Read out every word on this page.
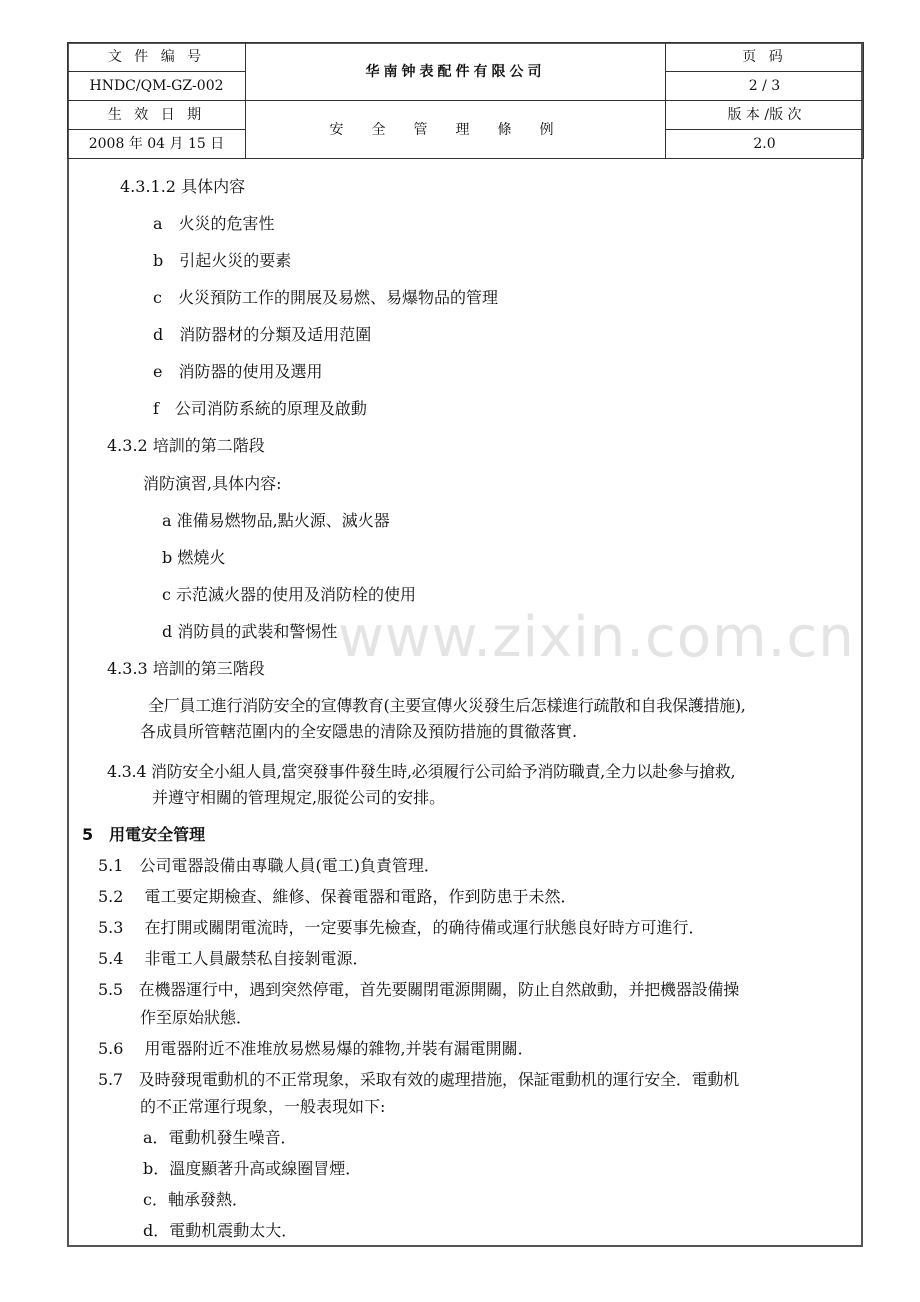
文 件 编 号	华南钟表配件有限公司	页 码
HNDC/QM-GZ-002		2 / 3
生 效 日 期	安全管理條例	版 本 /版 次
2008 年 04 月 15 日		2.0
www.zixin.com.cn
4.3.1.2 具体内容
a　火災的危害性
b　引起火災的要素
c　火災預防工作的開展及易燃、易爆物品的管理
d　消防器材的分類及适用范圍
e　消防器的使用及選用
f　公司消防系統的原理及啟動
4.3.2 培訓的第二階段
消防演習,具体内容:
a 准備易燃物品,點火源、滅火器
b 燃燒火
c 示范滅火器的使用及消防栓的使用
d 消防員的武裝和警惕性
4.3.3 培訓的第三階段
全厂員工進行消防安全的宣傳教育(主要宣傳火災發生后怎樣進行疏散和自我保護措施),
各成員所管轄范圍内的全安隱患的清除及預防措施的貫徹落實.
4.3.4 消防安全小組人員,當突發事件發生時,必須履行公司給予消防職責,全力以赴參与搶救,
并遵守相關的管理規定,服從公司的安排。
5　用電安全管理
5.1　公司電器設備由專職人員(電工)負責管理．
5.2　 電工要定期檢查、維修、保養電器和電路，作到防患于未然．
5.3　 在打開或關閉電流時，一定要事先檢查，的确待備或運行狀態良好時方可進行．
5.4　 非電工人員嚴禁私自接剝電源．
5.5　在機器運行中，遇到突然停電，首先要關閉電源開關，防止自然啟動，并把機器設備操
作至原始狀態．
5.6　 用電器附近不准堆放易燃易爆的雜物,并裝有漏電開關．
5.7　及時發現電動机的不正常現象，采取有效的處理措施，保証電動机的運行安全．電動机
的不正常運行現象，一般表現如下:
a．電動机發生噪音．
b．溫度顯著升高或線圈冒煙．
c．軸承發熱．
d．電動机震動太大．
